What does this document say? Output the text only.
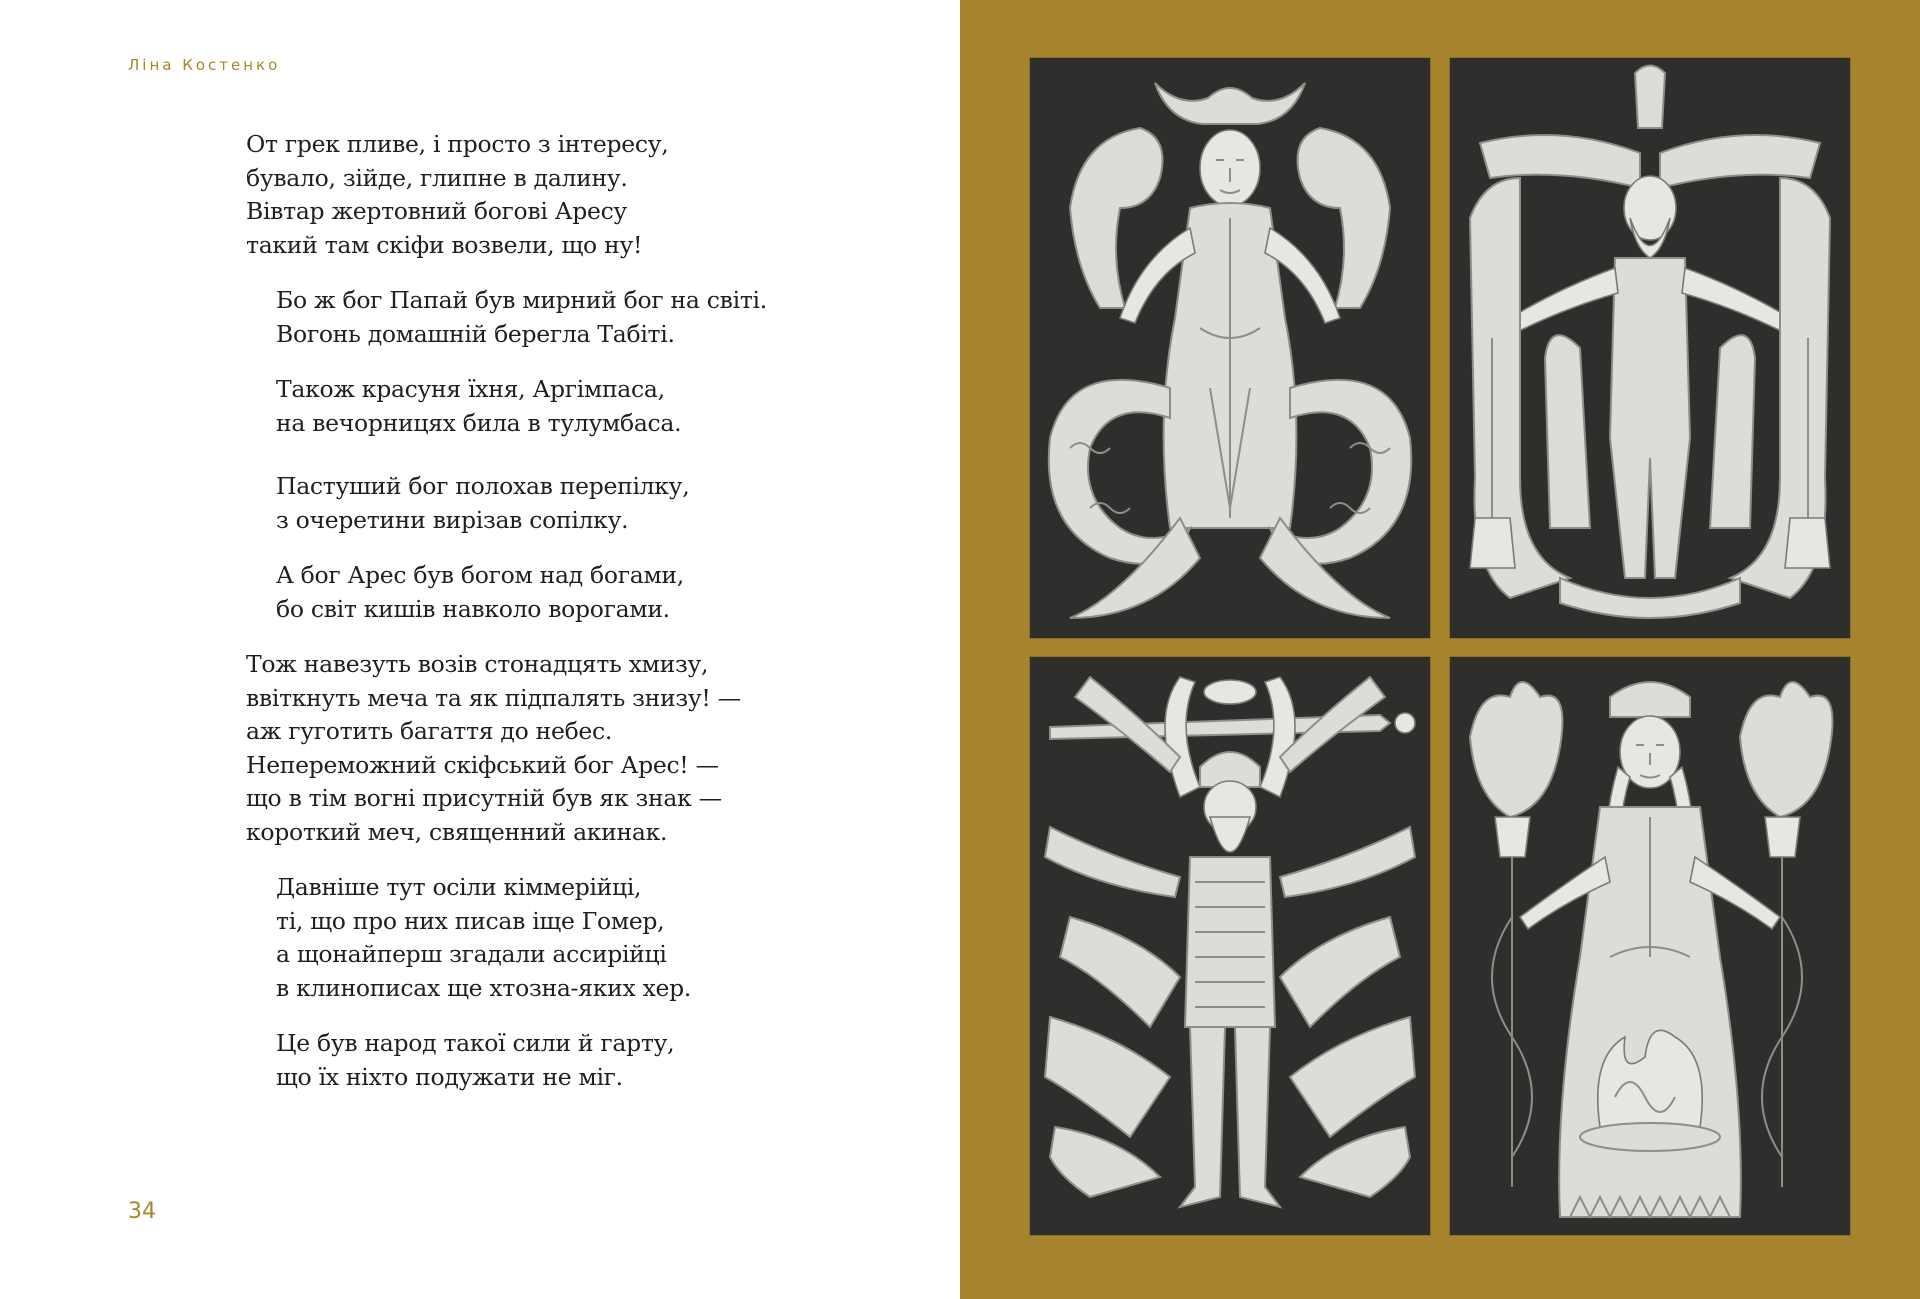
Ліна Костенко
От грек пливе, і просто з інтересу,
бувало, зійде, глипне в далину.
Вівтар жертовний богові Аресу
такий там скіфи возвели, що ну!
Бо ж бог Папай був мирний бог на світі.
Вогонь домашній берегла Табіті.
Також красуня їхня, Аргімпаса,
на вечорницях била в тулумбаса.
Пастуший бог полохав перепілку,
з очеретини вирізав сопілку.
А бог Арес був богом над богами,
бо світ кишів навколо ворогами.
Тож навезуть возів стонадцять хмизу,
ввіткнуть меча та як підпалять знизу! —
аж гуготить багаття до небес.
Непереможний скіфський бог Арес! —
що в тім вогні присутній був як знак —
короткий меч, священний акинак.
Давніше тут осіли кіммерійці,
ті, що про них писав іще Гомер,
а щонайперш згадали ассирійці
в клинописах ще хтозна-яких хер.
Це був народ такої сили й гарту,
що їх ніхто подужати не міг.
34
